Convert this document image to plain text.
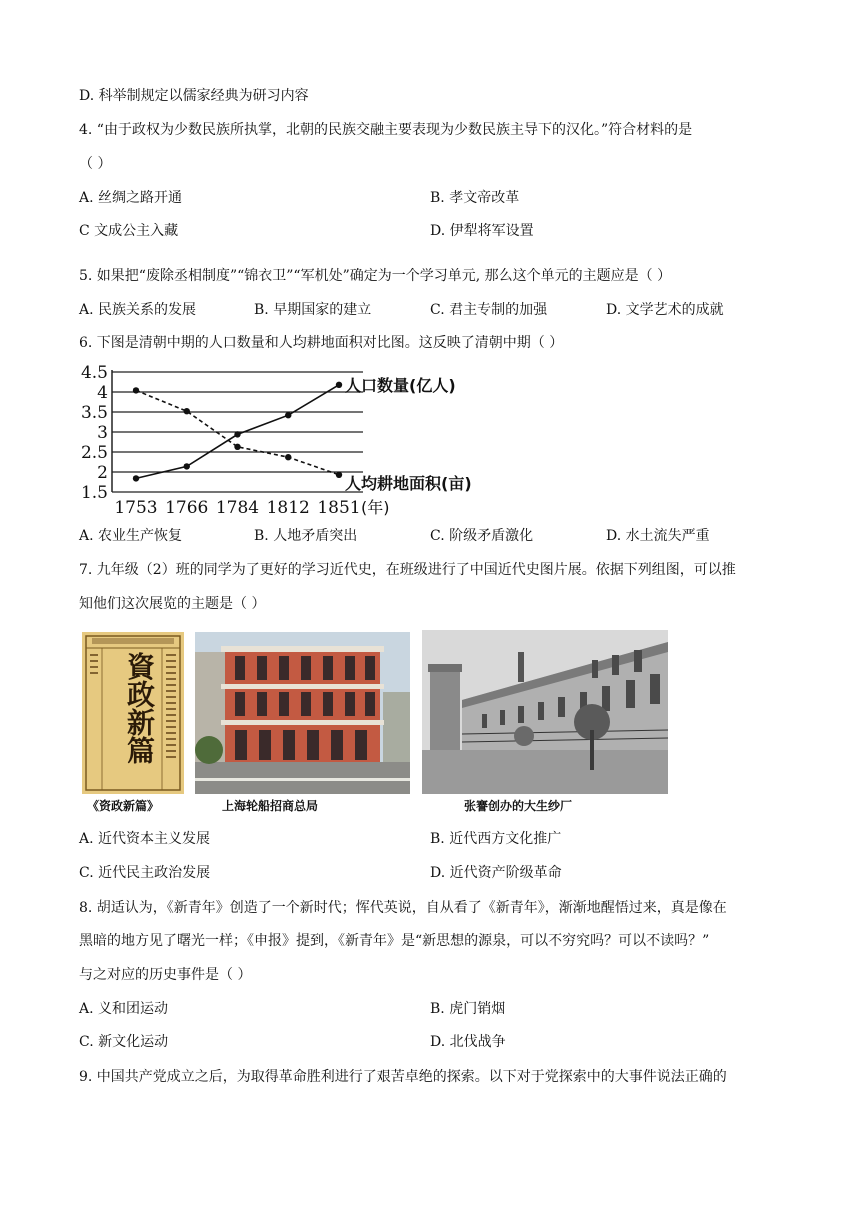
D. 科举制规定以儒家经典为研习内容
4. “由于政权为少数民族所执掌，北朝的民族交融主要表现为少数民族主导下的汉化。”符合材料的是
（ ）
A. 丝绸之路开通	B. 孝文帝改革
C 文成公主入藏	D. 伊犁将军设置
5. 如果把“废除丞相制度”“锦衣卫”“军机处”确定为一个学习单元, 那么这个单元的主题应是（ ）
A. 民族关系的发展	B. 早期国家的建立	C. 君主专制的加强	D. 文学艺术的成就
6. 下图是清朝中期的人口数量和人均耕地面积对比图。这反映了清朝中期（ ）
1.5
2
2.5
3
3.5
4
4.5
1753 1766 1784 1812 1851 (年)
人口数量(亿人)
人均耕地面积(亩)
A. 农业生产恢复	B. 人地矛盾突出	C. 阶级矛盾激化	D. 水土流失严重
7. 九年级（2）班的同学为了更好的学习近代史，在班级进行了中国近代史图片展。依据下列组图，可以推
知他们这次展览的主题是（ ）
資政新篇
《资政新篇》	上海轮船招商总局	张謇创办的大生纱厂
A. 近代资本主义发展	B. 近代西方文化推广
C. 近代民主政治发展	D. 近代资产阶级革命
8. 胡适认为，《新青年》创造了一个新时代；恽代英说，自从看了《新青年》，渐渐地醒悟过来，真是像在
黑暗的地方见了曙光一样；《申报》提到，《新青年》是“新思想的源泉，可以不穷究吗？可以不读吗？”
与之对应的历史事件是（ ）
A. 义和团运动	B. 虎门销烟
C. 新文化运动	D. 北伐战争
9. 中国共产党成立之后，为取得革命胜利进行了艰苦卓绝的探索。以下对于党探索中的大事件说法正确的
